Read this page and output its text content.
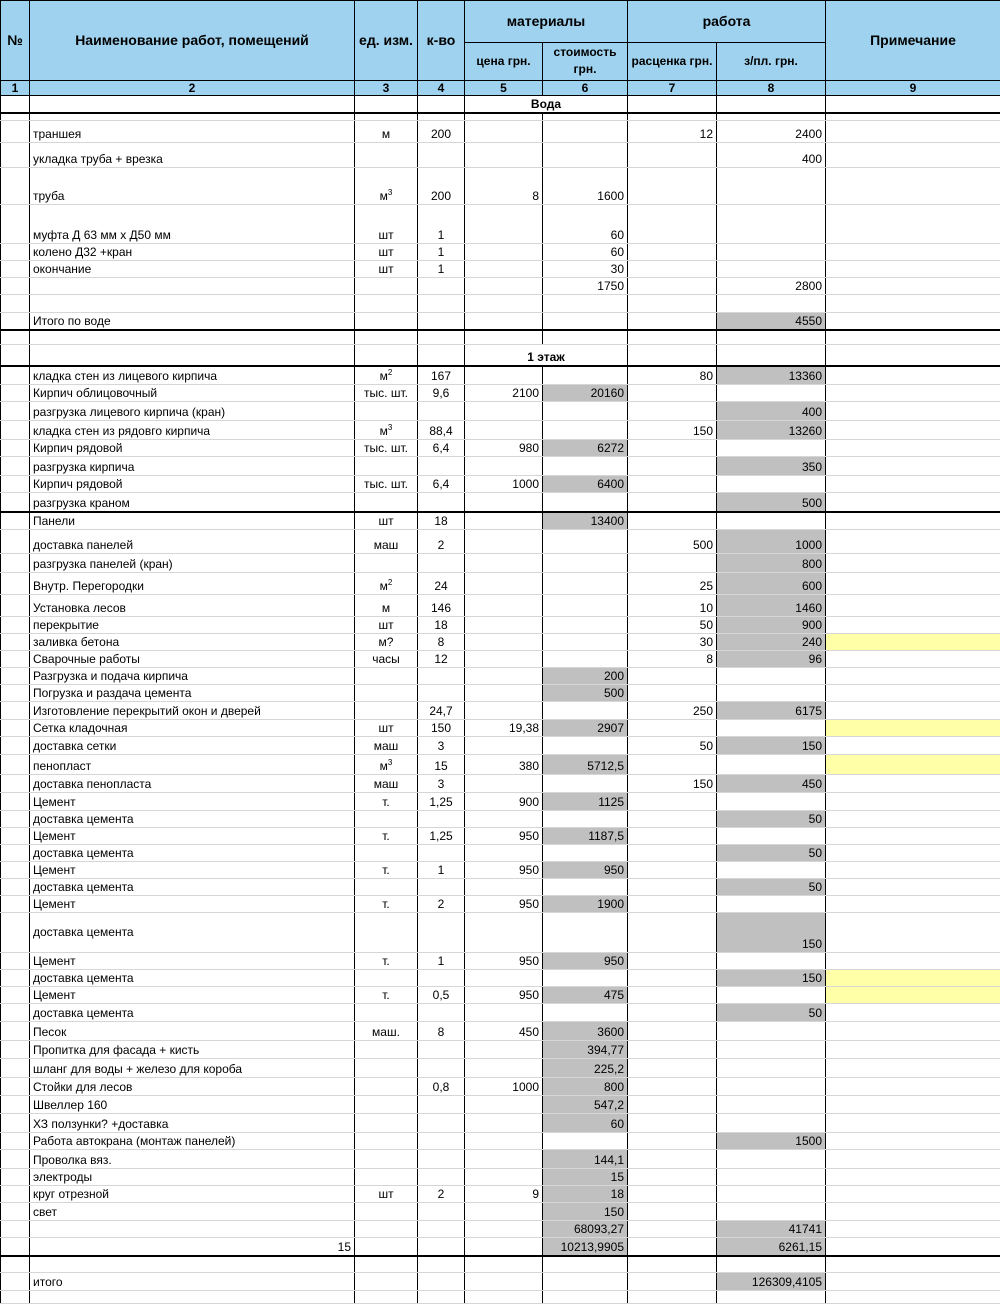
№	Наименование работ, помещений	ед. изм.	к-во	материалы		работа		Примечание
				цена грн.	стоимость грн.	расценка грн.	з/пл. грн.	
1	2	3	4	5	6	7	8	9
				Вода				

	траншея	м	200			12	2400	
	укладка труба + врезка						400	
	труба	$м^3$	200	8	1600			
	муфта Д 63 мм х Д50 мм	шт	1		60			
	колено Д32 +кран	шт	1		60			
	окончание	шт	1		30			
					1750		2800	

	Итого по воде						4550	

				1 этаж				
	кладка стен из лицевого кирпича	$м^2$	167			80	13360	
	Кирпич облицовочный	тыс. шт.	9,6	2100	20160			
	разгрузка лицевого кирпича (кран)						400	
	кладка стен из рядовго кирпича	$м^3$	88,4			150	13260	
	Кирпич рядовой	тыс. шт.	6,4	980	6272			
	разгрузка кирпича						350	
	Кирпич рядовой	тыс. шт.	6,4	1000	6400			
	разгрузка краном						500	
	Панели	шт	18		13400			
	доставка панелей	маш	2			500	1000	
	разгрузка панелей (кран)						800	
	Внутр. Перегородки	$м^2$	24			25	600	
	Установка лесов	м	146			10	1460	
	перекрытие	шт	18			50	900	
	заливка бетона	м?	8			30	240	
	Сварочные работы	часы	12			8	96	
	Разгрузка и подача кирпича				200			
	Погрузка и раздача цемента				500			
	Изготовление перекрытий окон и дверей		24,7			250	6175	
	Сетка кладочная	шт	150	19,38	2907			
	доставка сетки	маш	3			50	150	
	пенопласт	$м^3$	15	380	5712,5			
	доставка пенопласта	маш	3			150	450	
	Цемент	т.	1,25	900	1125			
	доставка цемента						50	
	Цемент	т.	1,25	950	1187,5			
	доставка цемента						50	
	Цемент	т.	1	950	950			
	доставка цемента						50	
	Цемент	т.	2	950	1900			
	доставка цемента						150	
	Цемент	т.	1	950	950			
	доставка цемента						150	
	Цемент	т.	0,5	950	475			
	доставка цемента						50	
	Песок	маш.	8	450	3600			
	Пропитка для фасада + кисть				394,77			
	шланг для воды + железо для короба				225,2			
	Стойки для лесов		0,8	1000	800			
	Швеллер 160				547,2			
	ХЗ ползунки? +доставка				60			
	Работа автокрана (монтаж панелей)						1500	
	Проволка вяз.				144,1			
	электроды				15			
	круг отрезной	шт	2	9	18			
	свет				150			
					68093,27		41741	
	15				10213,9905		6261,15	

	итого						126309,4105	
